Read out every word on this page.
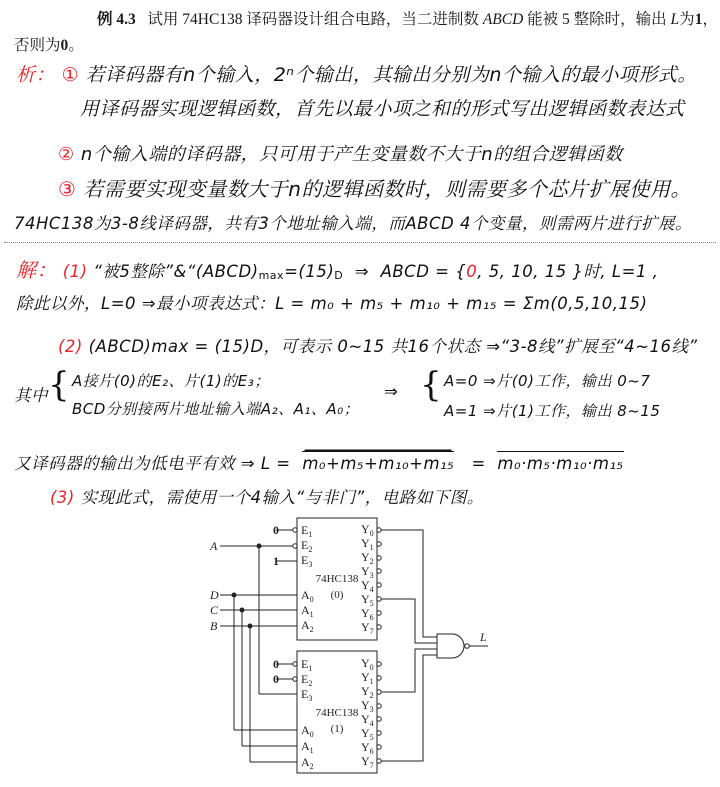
例 4.3 试用 74HC138 译码器设计组合电路，当二进制数 ABCD 能被 5 整除时，输出 L为1，
否则为0。
析： ① 若译码器有n个输入，2ⁿ个输出，其输出分别为n个输入的最小项形式。
用译码器实现逻辑函数，首先以最小项之和的形式写出逻辑函数表达式
② n个输入端的译码器，只可用于产生变量数不大于n的组合逻辑函数
③ 若需要实现变量数大于n的逻辑函数时，则需要多个芯片扩展使用。
74HC138为3-8线译码器，共有3个地址输入端，而ABCD 4个变量，则需两片进行扩展。
解： (1) “被5整除”&“(ABCD)max=(15)D ⇒ ABCD = {0, 5, 10, 15 }时, L=1 ,
除此以外，L=0 ⇒最小项表达式：L = m₀ + m₅ + m₁₀ + m₁₅ = Σm(0,5,10,15)
(2) (ABCD)max = (15)D，可表示 0~15 共16个状态 ⇒“3-8线”扩展至“4~16线”
其中 { A接片(0)的E₂、片(1)的E₃；
BCD分别接两片地址输入端A₂、A₁、A₀；
⇒ { A=0 ⇒片(0)工作，输出 0~7
A=1 ⇒片(1)工作，输出 8~15
又译码器的输出为低电平有效 ⇒ L = m₀+m₅+m₁₀+m₁₅ = m₀·m₅·m₁₀·m₁₅
(3) 实现此式，需使用一个4输入“与非门”，电路如下图。
0
A
1
D
C
B
0
0
L
$E_1$
$E_2$
$E_3$
$A_0$
$A_1$
$A_2$
74HC138
(0)
$Y_0$
$Y_1$
$Y_2$
$Y_3$
$Y_4$
$Y_5$
$Y_6$
$Y_7$
$E_1$
$E_2$
$E_3$
$A_0$
$A_1$
$A_2$
74HC138
(1)
$Y_0$
$Y_1$
$Y_2$
$Y_3$
$Y_4$
$Y_5$
$Y_6$
$Y_7$
